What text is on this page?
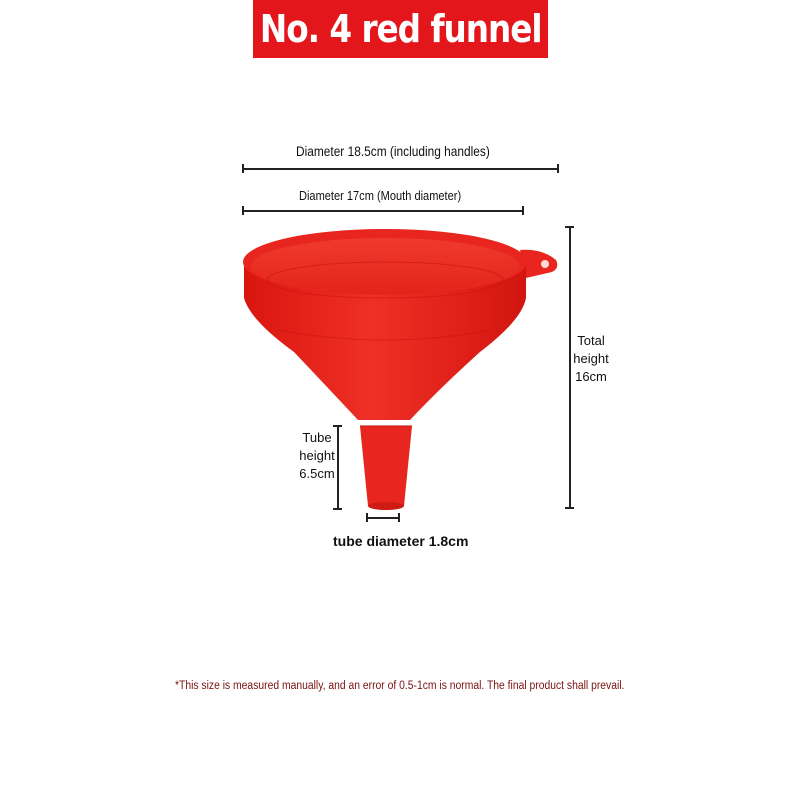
No. 4 red funnel
Diameter 18.5cm (including handles)
Diameter 17cm (Mouth diameter)
Total
height
16cm
Tube
height
6.5cm
tube diameter 1.8cm
*This size is measured manually, and an error of 0.5-1cm is normal. The final product shall prevail.
